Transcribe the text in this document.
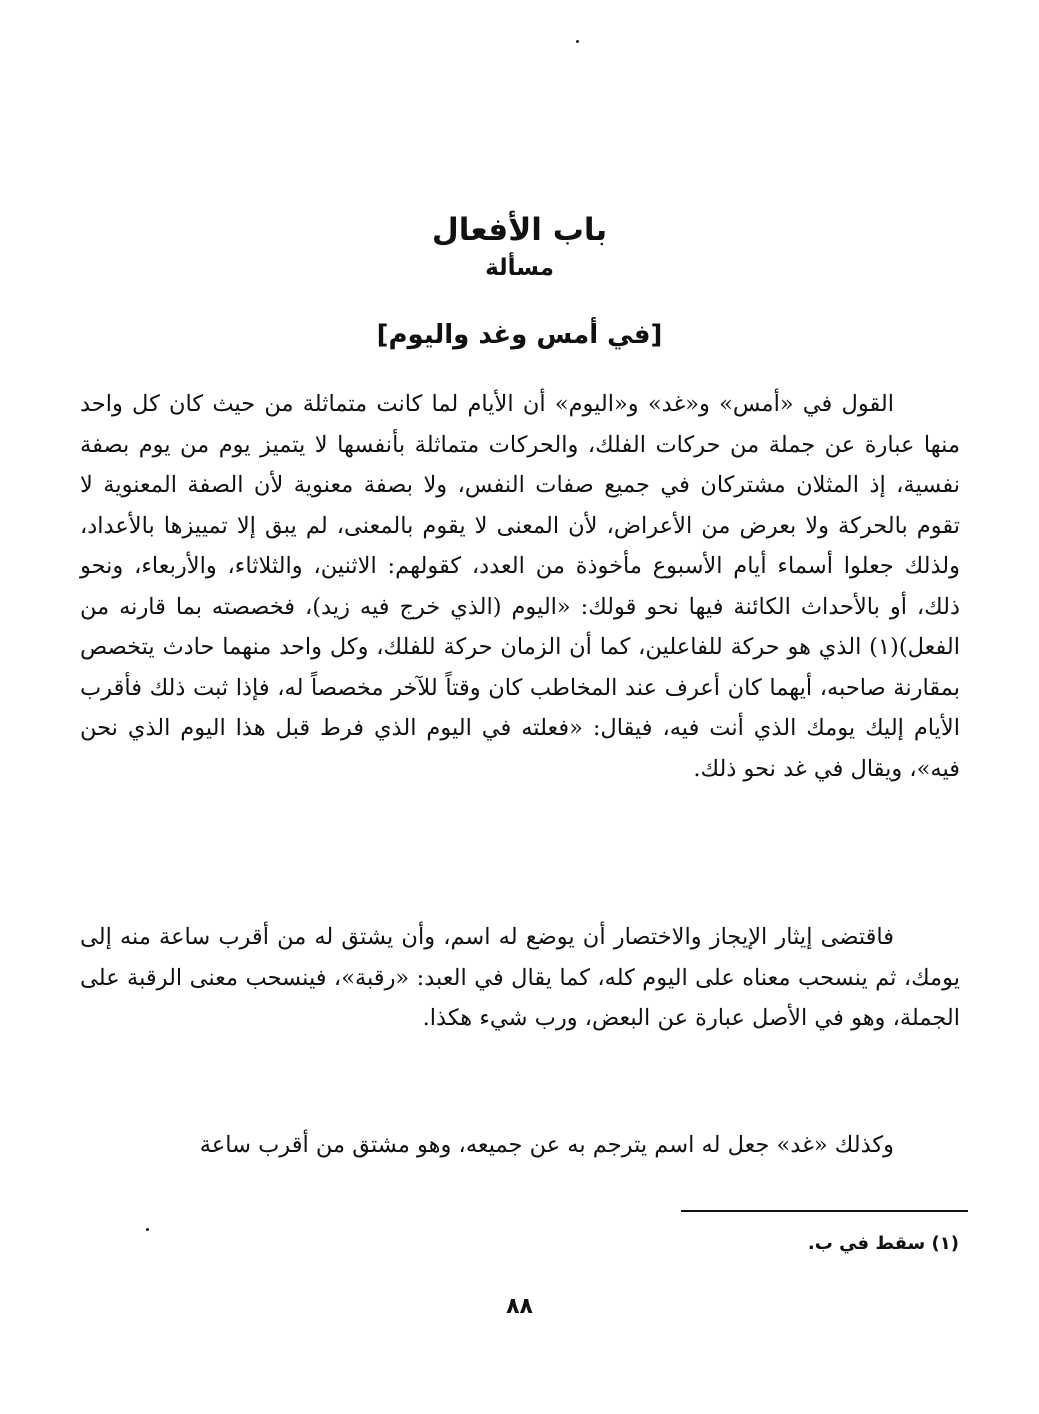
باب الأفعال
مسألة
[في أمس وغد واليوم]

القول في «أمس» و«غد» و«اليوم» أن الأيام لما كانت متماثلة من حيث كان كل واحد منها عبارة عن جملة من حركات الفلك، والحركات متماثلة بأنفسها لا يتميز يوم من يوم بصفة نفسية، إذ المثلان مشتركان في جميع صفات النفس، ولا بصفة معنوية لأن الصفة المعنوية لا تقوم بالحركة ولا بعرض من الأعراض، لأن المعنى لا يقوم بالمعنى، لم يبق إلا تمييزها بالأعداد، ولذلك جعلوا أسماء أيام الأسبوع مأخوذة من العدد، كقولهم: الاثنين، والثلاثاء، والأربعاء، ونحو ذلك، أو بالأحداث الكائنة فيها نحو قولك: «اليوم (الذي خرج فيه زيد)، فخصصته بما قارنه من الفعل)(١) الذي هو حركة للفاعلين، كما أن الزمان حركة للفلك، وكل واحد منهما حادث يتخصص بمقارنة صاحبه، أيهما كان أعرف عند المخاطب كان وقتاً للآخر مخصصاً له، فإذا ثبت ذلك فأقرب الأيام إليك يومك الذي أنت فيه، فيقال: «فعلته في اليوم الذي فرط قبل هذا اليوم الذي نحن فيه»، ويقال في غد نحو ذلك.

فاقتضى إيثار الإيجاز والاختصار أن يوضع له اسم، وأن يشتق له من أقرب ساعة منه إلى يومك، ثم ينسحب معناه على اليوم كله، كما يقال في العبد: «رقبة»، فينسحب معنى الرقبة على الجملة، وهو في الأصل عبارة عن البعض، ورب شيء هكذا.

وكذلك «غد» جعل له اسم يترجم به عن جميعه، وهو مشتق من أقرب ساعة

(١) سقط في ب.
٨٨
